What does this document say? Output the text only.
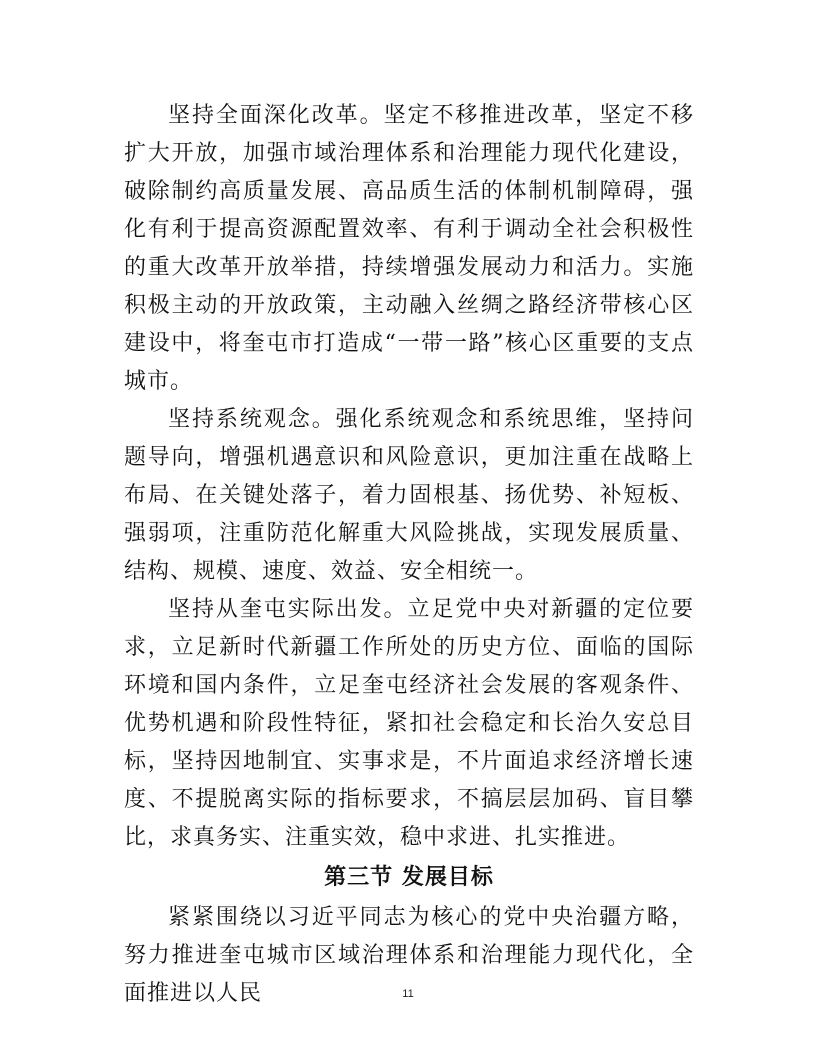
坚持全面深化改革。坚定不移推进改革，坚定不移扩大开放，加强市域治理体系和治理能力现代化建设，破除制约高质量发展、高品质生活的体制机制障碍，强化有利于提高资源配置效率、有利于调动全社会积极性的重大改革开放举措，持续增强发展动力和活力。实施积极主动的开放政策，主动融入丝绸之路经济带核心区建设中，将奎屯市打造成“一带一路”核心区重要的支点城市。

坚持系统观念。强化系统观念和系统思维，坚持问题导向，增强机遇意识和风险意识，更加注重在战略上布局、在关键处落子，着力固根基、扬优势、补短板、强弱项，注重防范化解重大风险挑战，实现发展质量、结构、规模、速度、效益、安全相统一。

坚持从奎屯实际出发。立足党中央对新疆的定位要求，立足新时代新疆工作所处的历史方位、面临的国际环境和国内条件，立足奎屯经济社会发展的客观条件、优势机遇和阶段性特征，紧扣社会稳定和长治久安总目标，坚持因地制宜、实事求是，不片面追求经济增长速度、不提脱离实际的指标要求，不搞层层加码、盲目攀比，求真务实、注重实效，稳中求进、扎实推进。

第三节 发展目标

紧紧围绕以习近平同志为核心的党中央治疆方略，努力推进奎屯城市区域治理体系和治理能力现代化，全面推进以人民	11
